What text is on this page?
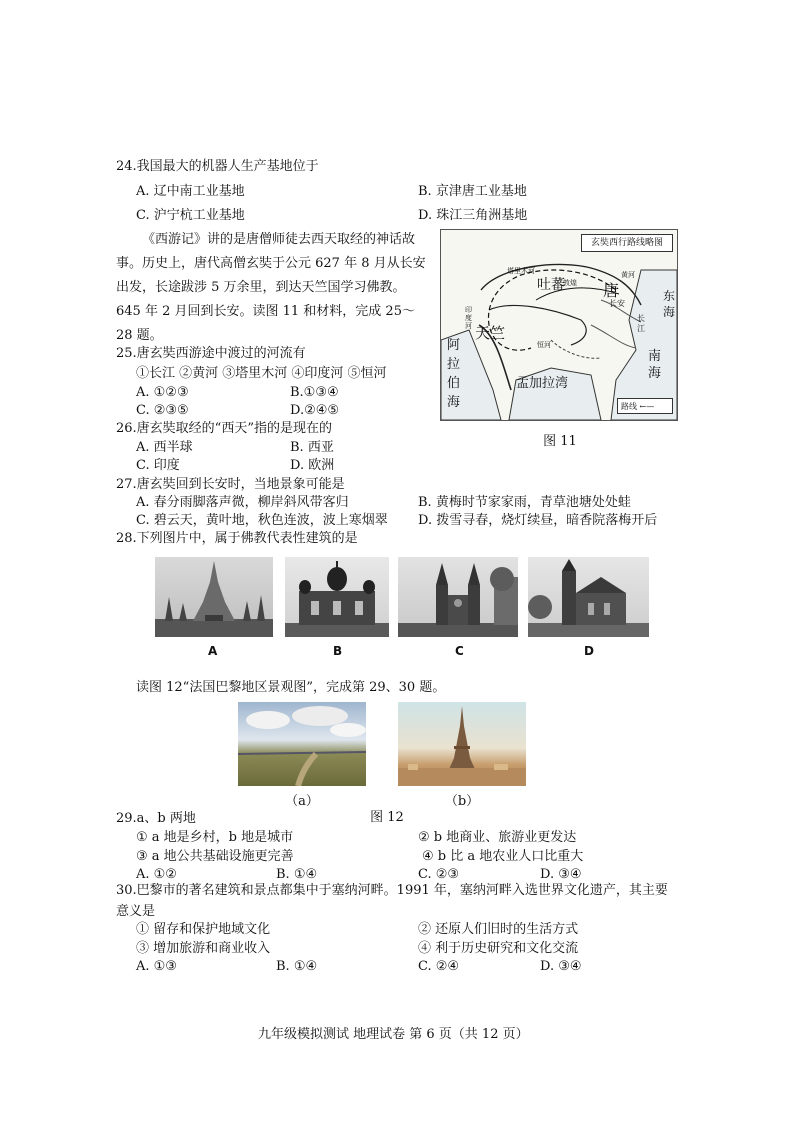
24.我国最大的机器人生产基地位于
A. 辽中南工业基地	B. 京津唐工业基地
C. 沪宁杭工业基地	D. 珠江三角洲基地
《西游记》讲的是唐僧师徒去西天取经的神话故事。历史上，唐代高僧玄奘于公元 627 年 8 月从长安出发，长途跋涉 5 万余里，到达天竺国学习佛教。645 年 2 月回到长安。读图 11 和材料，完成 25～28 题。
玄奘西行路线略图
吐蕃 唐
天竺
东海
南海
阿拉伯海
孟加拉湾
长安
长江
黄河
印度河
恒河
敦煌
塔里木河
路线 ←—
图 11
25.唐玄奘西游途中渡过的河流有
①长江 ②黄河 ③塔里木河 ④印度河 ⑤恒河
A. ①②③	B.①③④
C. ②③⑤	D.②④⑤
26.唐玄奘取经的“西天”指的是现在的
A. 西半球	B. 西亚
C. 印度	D. 欧洲
27.唐玄奘回到长安时，当地景象可能是
A. 春分雨脚落声微，柳岸斜风带客归	B. 黄梅时节家家雨，青草池塘处处蛙
C. 碧云天，黄叶地，秋色连波，波上寒烟翠 D. 拨雪寻春，烧灯续昼，暗香院落梅开后
28.下列图片中，属于佛教代表性建筑的是
A	B	C	D
读图 12“法国巴黎地区景观图”，完成第 29、30 题。
（a）	（b）
图 12
29.a、b 两地
① a 地是乡村，b 地是城市	② b 地商业、旅游业更发达
③ a 地公共基础设施更完善	④ b 比 a 地农业人口比重大
A. ①②	B. ①④	C. ②③	D. ③④
30.巴黎市的著名建筑和景点都集中于塞纳河畔。1991 年，塞纳河畔入选世界文化遗产，其主要意义是
① 留存和保护地域文化	② 还原人们旧时的生活方式
③ 增加旅游和商业收入	④ 利于历史研究和文化交流
A. ①③	B. ①④	C. ②④	D. ③④
九年级模拟测试 地理试卷 第 6 页（共 12 页）
